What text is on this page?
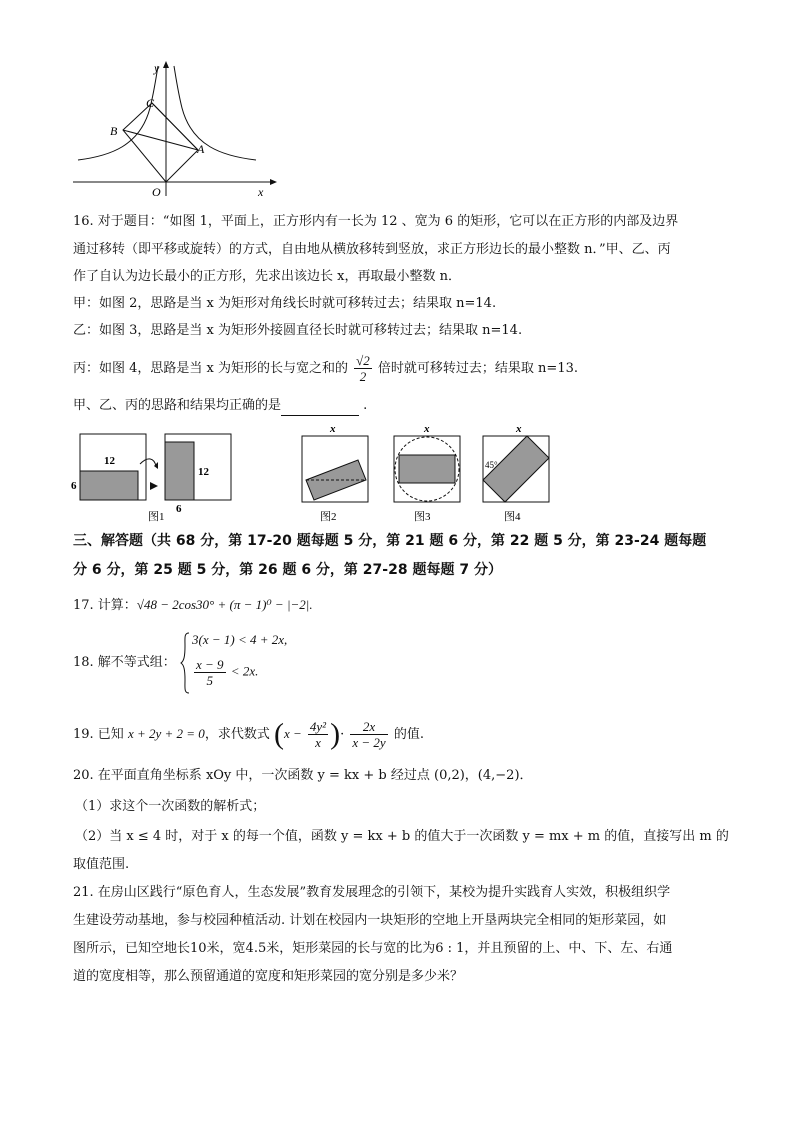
y
x
O
C
B
A
16. 对于题目：“如图 1，平面上，正方形内有一长为 12 、宽为 6 的矩形，它可以在正方形的内部及边界
通过移转（即平移或旋转）的方式，自由地从横放移转到竖放，求正方形边长的最小整数 n．”甲、乙、丙
作了自认为边长最小的正方形，先求出该边长 x，再取最小整数 n．
甲：如图 2，思路是当 x 为矩形对角线长时就可移转过去；结果取 n=14.
乙：如图 3，思路是当 x 为矩形外接圆直径长时就可移转过去；结果取 n=14.
丙：如图 4，思路是当 x 为矩形的长与宽之和的 $\frac{√2}{2}$ 倍时就可移转过去；结果取 n=13.
甲、乙、丙的思路和结果均正确的是	.
12
6
12
6
图1
x
图2
x
图3
x
45°
图4
三、解答题（共 68 分，第 17-20 题每题 5 分，第 21 题 6 分，第 22 题 5 分，第 23-24 题每题
分 6 分，第 25 题 5 分，第 26 题 6 分，第 27-28 题每题 7 分）
17. 计算：√48 − 2cos30° + (π − 1)⁰ − |−2|.
18. 解不等式组：
3(x − 1) < 4 + 2x,
$\frac{x - 9}{5} < 2x$.
19. 已知 x + 2y + 2 = 0，求代数式 ($x - \frac{\text{4y²}}{x}$ )· $\frac{2x}{x - 2y}$ 的值.
20. 在平面直角坐标系 xOy 中，一次函数 y = kx + b 经过点 (0,2)，(4,−2)．
（1）求这个一次函数的解析式；
（2）当 x ≤ 4 时，对于 x 的每一个值，函数 y = kx + b 的值大于一次函数 y = mx + m 的值，直接写出 m 的
取值范围.
21. 在房山区践行“原色育人，生态发展”教育发展理念的引领下，某校为提升实践育人实效，积极组织学
生建设劳动基地，参与校园种植活动. 计划在校园内一块矩形的空地上开垦两块完全相同的矩形菜园，如
图所示，已知空地长10米，宽4.5米，矩形菜园的长与宽的比为6 : 1，并且预留的上、中、下、左、右通
道的宽度相等，那么预留通道的宽度和矩形菜园的宽分别是多少米？
